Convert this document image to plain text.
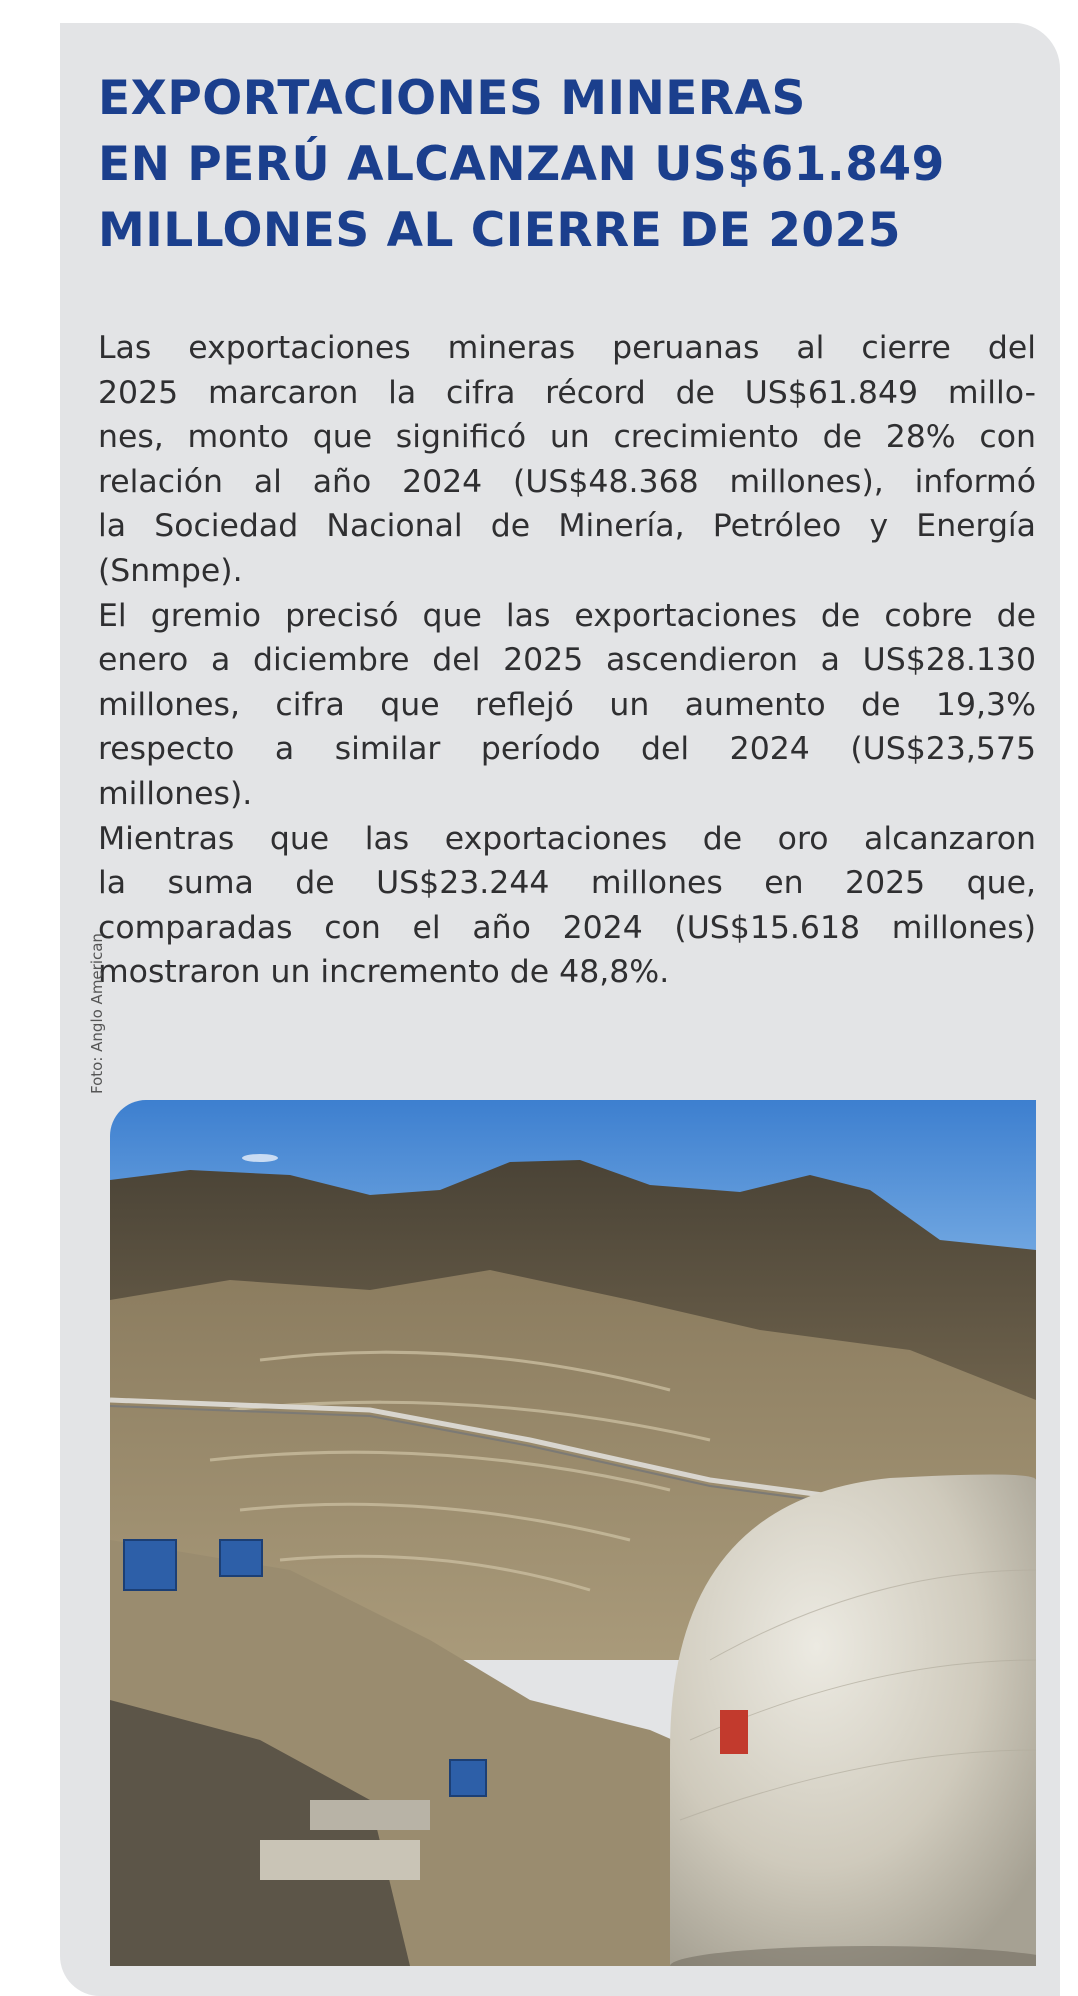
EXPORTACIONES MINERAS
EN PERÚ ALCANZAN US$61.849
MILLONES AL CIERRE DE 2025
Las exportaciones mineras peruanas al cierre del
2025 marcaron la cifra récord de US$61.849 millo-
nes, monto que significó un crecimiento de 28% con
relación al año 2024 (US$48.368 millones), informó
la Sociedad Nacional de Minería, Petróleo y Energía
(Snmpe).
El gremio precisó que las exportaciones de cobre de
enero a diciembre del 2025 ascendieron a US$28.130
millones, cifra que reflejó un aumento de 19,3%
respecto a similar período del 2024 (US$23,575
millones).
Mientras que las exportaciones de oro alcanzaron
la suma de US$23.244 millones en 2025 que,
comparadas con el año 2024 (US$15.618 millones)
mostraron un incremento de 48,8%.
Foto: Anglo American
